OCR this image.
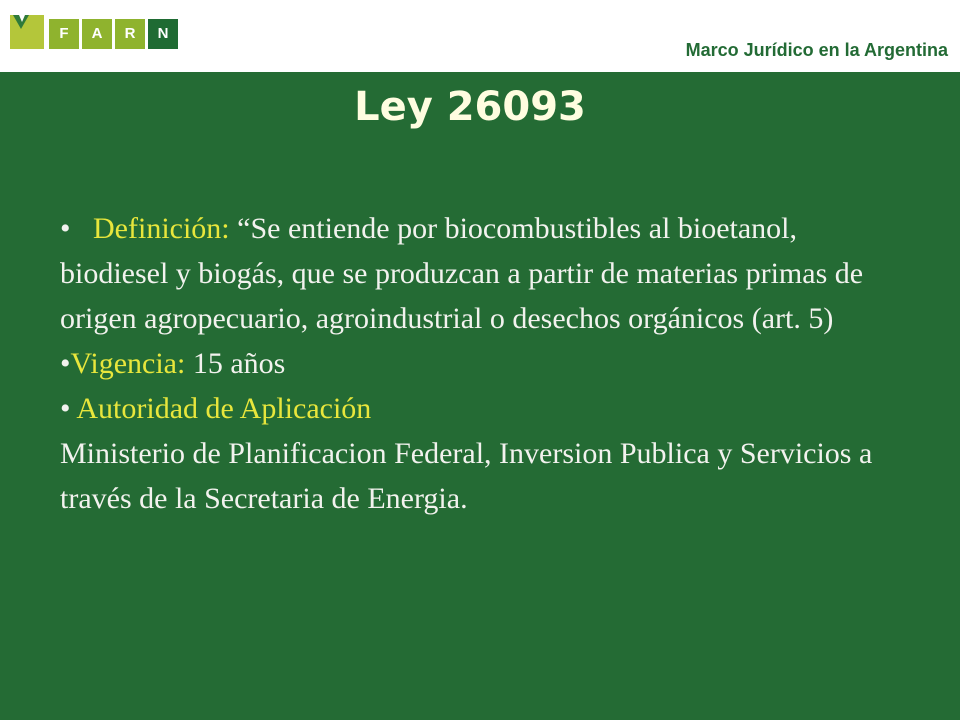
F	A	R	N
Marco Jurídico en la Argentina
Ley 26093

• Definición: “Se entiende por biocombustibles al bioetanol, biodiesel y biogás, que se produzcan a partir de materias primas de origen agropecuario, agroindustrial o desechos orgánicos (art. 5)

•Vigencia: 15 años

• Autoridad de Aplicación

Ministerio de Planificacion Federal, Inversion Publica y Servicios a través de la Secretaria de Energia.
